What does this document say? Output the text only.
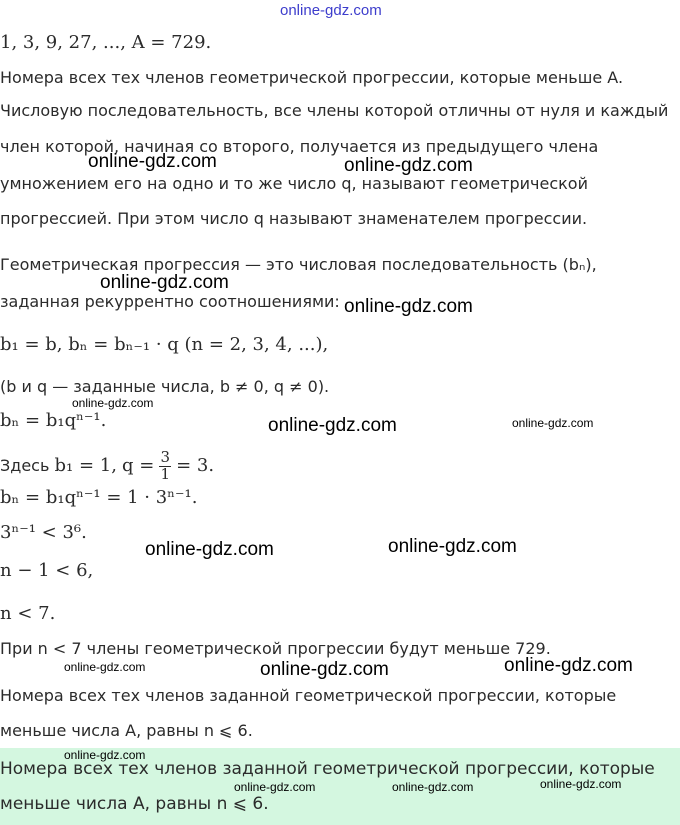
online-gdz.com
1, 3, 9, 27, ..., A = 729.
Номера всех тех членов геометрической прогрессии, которые меньше A.
Числовую последовательность, все члены которой отличны от нуля и каждый
член которой, начиная со второго, получается из предыдущего члена
умножением его на одно и то же число q, называют геометрической
прогрессией. При этом число q называют знаменателем прогрессии.
Геометрическая прогрессия — это числовая последовательность (bₙ),
заданная рекуррентно соотношениями:
b₁ = b, bₙ = bₙ₋₁ · q (n = 2, 3, 4, ...),
(b и q — заданные числа, b ≠ 0, q ≠ 0).
bₙ = b₁qⁿ⁻¹.
Здесь b₁ = 1, $q = \frac{3}{1} = 3$.
bₙ = b₁qⁿ⁻¹ = 1 · 3ⁿ⁻¹.
3ⁿ⁻¹ < 3⁶.
n − 1 < 6,
n < 7.
При n < 7 члены геометрической прогрессии будут меньше 729.
Номера всех тех членов заданной геометрической прогрессии, которые
меньше числа A, равны n ⩽ 6.
Номера всех тех членов заданной геометрической прогрессии, которые
меньше числа A, равны n ⩽ 6.
online-gdz.com	online-gdz.com
online-gdz.com
online-gdz.com
online-gdz.com
online-gdz.com	online-gdz.com
online-gdz.com	online-gdz.com
online-gdz.com	online-gdz.com	online-gdz.com
online-gdz.com
online-gdz.com	online-gdz.com	online-gdz.com
